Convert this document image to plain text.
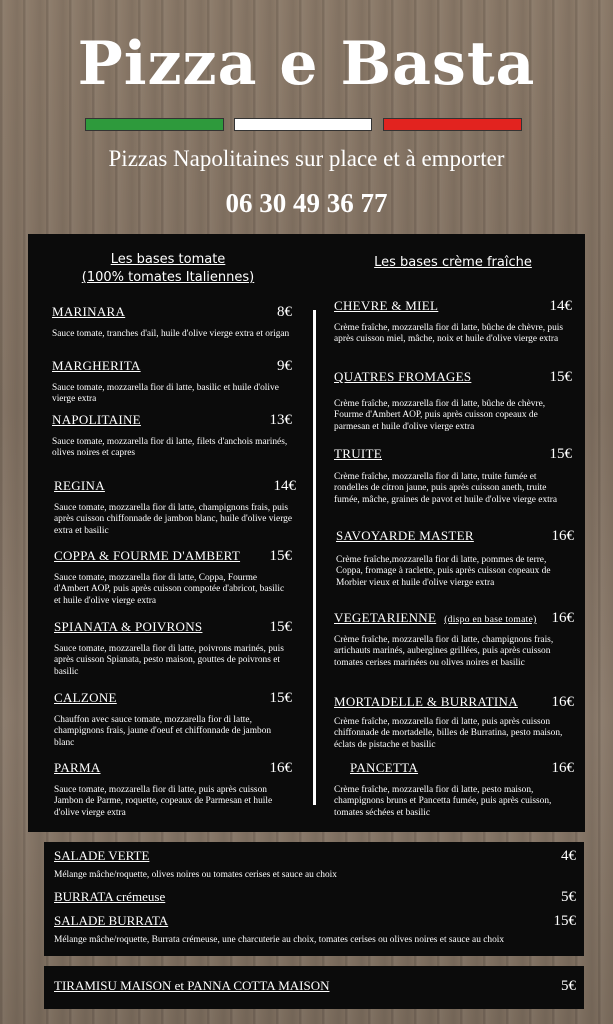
Pizza e Basta
Pizzas Napolitaines sur place et à emporter
06 30 49 36 77
Les bases tomate
(100% tomates Italiennes)
Les bases crème fraîche
MARINARA	8€
Sauce tomate, tranches d'ail, huile d'olive vierge extra et origan
MARGHERITA	9€
Sauce tomate, mozzarella fior di latte, basilic et huile d'olive vierge extra
NAPOLITAINE	13€
Sauce tomate, mozzarella fior di latte, filets d'anchois marinés, olives noires et capres
REGINA	14€
Sauce tomate, mozzarella fior di latte, champignons frais, puis après cuisson chiffonnade de jambon blanc, huile d'olive vierge extra et basilic
COPPA & FOURME D'AMBERT	15€
Sauce tomate, mozzarella fior di latte, Coppa, Fourme d'Ambert AOP, puis après cuisson compotée d'abricot, basilic et huile d'olive vierge extra
SPIANATA & POIVRONS	15€
Sauce tomate, mozzarella fior di latte, poivrons marinés, puis après cuisson Spianata, pesto maison, gouttes de poivrons et basilic
CALZONE	15€
Chauffon avec sauce tomate, mozzarella fior di latte, champignons frais, jaune d'oeuf et chiffonnade de jambon blanc
PARMA	16€
Sauce tomate, mozzarella fior di latte, puis après cuisson Jambon de Parme, roquette, copeaux de Parmesan et huile d'olive vierge extra
CHEVRE & MIEL	14€
Crème fraîche, mozzarella fior di latte, bûche de chèvre, puis après cuisson miel, mâche, noix et huile d'olive vierge extra
QUATRES FROMAGES	15€
Crème fraîche, mozzarella fior di latte, bûche de chèvre, Fourme d'Ambert AOP, puis après cuisson copeaux de parmesan et huile d'olive vierge extra
TRUITE	15€
Crème fraîche, mozzarella fior di latte, truite fumée et rondelles de citron jaune, puis après cuisson aneth, truite fumée, mâche, graines de pavot et huile d'olive vierge extra
SAVOYARDE MASTER	16€
Crème fraîche,mozzarella fior di latte, pommes de terre, Coppa, fromage à raclette, puis après cuisson copeaux de Morbier vieux et huile d'olive vierge extra
VEGETARIENNE (dispo en base tomate) 16€
Crème fraîche, mozzarella fior di latte, champignons frais, artichauts marinés, aubergines grillées, puis après cuisson tomates cerises marinées ou olives noires et basilic
MORTADELLE & BURRATINA	16€
Crème fraîche, mozzarella fior di latte, puis après cuisson chiffonnade de mortadelle, billes de Burratina, pesto maison, éclats de pistache et basilic
PANCETTA	16€
Crème fraîche, mozzarella fior di latte, pesto maison, champignons bruns et Pancetta fumée, puis après cuisson, tomates séchées et basilic
SALADE VERTE	4€
Mélange mâche/roquette, olives noires ou tomates cerises et sauce au choix
BURRATA crémeuse	5€
SALADE BURRATA	15€
Mélange mâche/roquette, Burrata crémeuse, une charcuterie au choix, tomates cerises ou olives noires et sauce au choix
TIRAMISU MAISON et PANNA COTTA MAISON	5€
